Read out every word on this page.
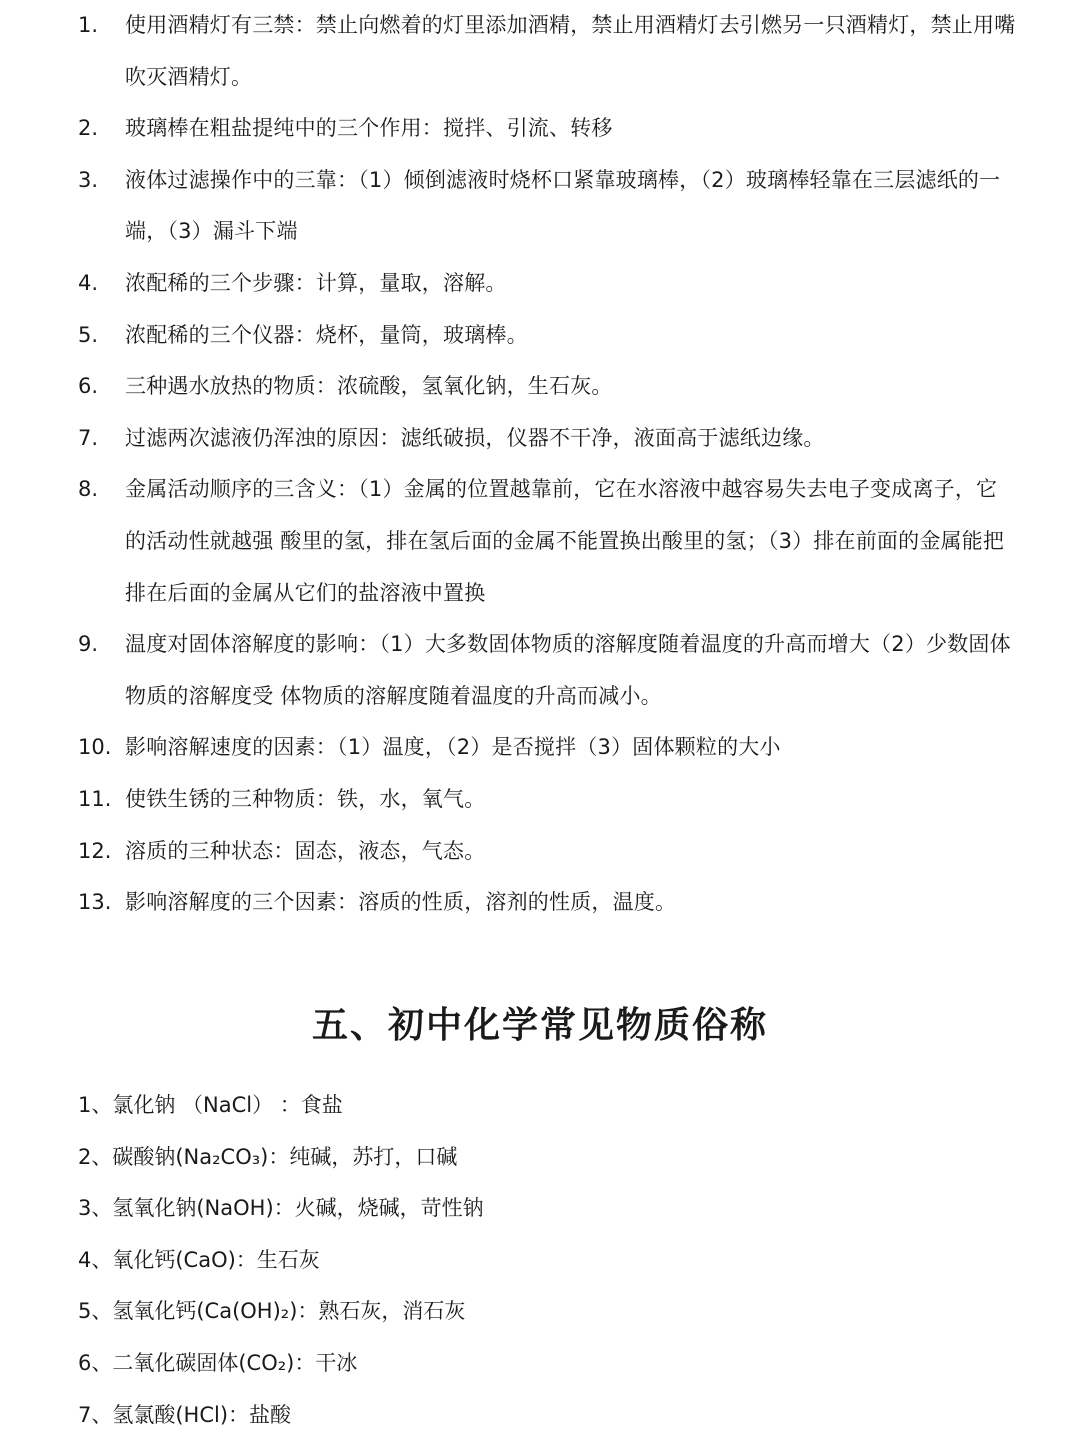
1.	使用酒精灯有三禁：禁止向燃着的灯里添加酒精，禁止用酒精灯去引燃另一只酒精灯，禁止用嘴吹灭酒精灯。
2.	玻璃棒在粗盐提纯中的三个作用：搅拌、引流、转移
3.	液体过滤操作中的三靠：（1）倾倒滤液时烧杯口紧靠玻璃棒，（2）玻璃棒轻靠在三层滤纸的一端，（3）漏斗下端
4.	浓配稀的三个步骤：计算，量取，溶解。
5.	浓配稀的三个仪器：烧杯，量筒，玻璃棒。
6.	三种遇水放热的物质：浓硫酸，氢氧化钠，生石灰。
7.	过滤两次滤液仍浑浊的原因：滤纸破损，仪器不干净，液面高于滤纸边缘。
8.	金属活动顺序的三含义：（1）金属的位置越靠前，它在水溶液中越容易失去电子变成离子，它 的活动性就越强 酸里的氢，排在氢后面的金属不能置换出酸里的氢；（3）排在前面的金属能把排在后面的金属从它们的盐溶液中置换
9.	温度对固体溶解度的影响：（1）大多数固体物质的溶解度随着温度的升高而增大（2）少数固体物质的溶解度受 体物质的溶解度随着温度的升高而减小。
10. 影响溶解速度的因素：（1）温度，（2）是否搅拌（3）固体颗粒的大小
11. 使铁生锈的三种物质：铁，水，氧气。
12. 溶质的三种状态：固态，液态，气态。
13. 影响溶解度的三个因素：溶质的性质，溶剂的性质，温度。
五、初中化学常见物质俗称
1、氯化钠 （NaCl） ：食盐
2、碳酸钠(Na₂CO₃)：纯碱，苏打，口碱
3、氢氧化钠(NaOH)：火碱，烧碱，苛性钠
4、氧化钙(CaO)：生石灰
5、氢氧化钙(Ca(OH)₂)：熟石灰，消石灰
6、二氧化碳固体(CO₂)：干冰
7、氢氯酸(HCl)：盐酸
